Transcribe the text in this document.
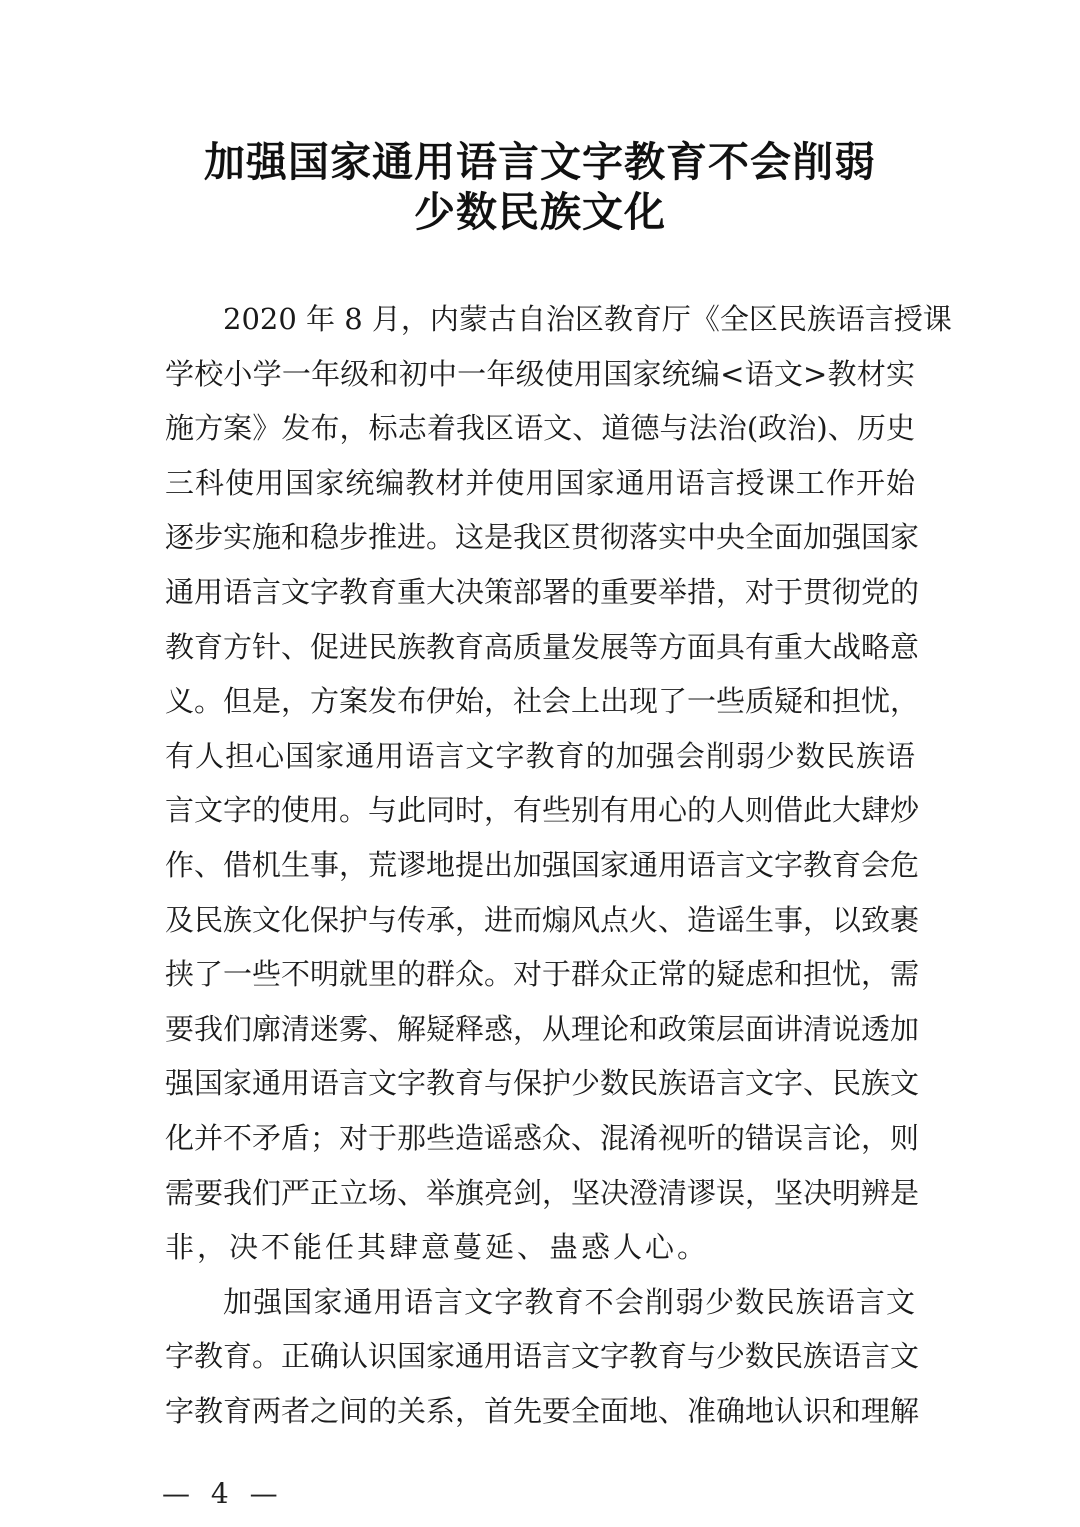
加强国家通用语言文字教育不会削弱
少数民族文化
2020 年 8 月，内蒙古自治区教育厅《全区民族语言授课
学校小学一年级和初中一年级使用国家统编<语文>教材实
施方案》发布，标志着我区语文、道德与法治(政治)、历史
三科使用国家统编教材并使用国家通用语言授课工作开始
逐步实施和稳步推进。这是我区贯彻落实中央全面加强国家
通用语言文字教育重大决策部署的重要举措，对于贯彻党的
教育方针、促进民族教育高质量发展等方面具有重大战略意
义。但是，方案发布伊始，社会上出现了一些质疑和担忧，
有人担心国家通用语言文字教育的加强会削弱少数民族语
言文字的使用。与此同时，有些别有用心的人则借此大肆炒
作、借机生事，荒谬地提出加强国家通用语言文字教育会危
及民族文化保护与传承，进而煽风点火、造谣生事，以致裹
挟了一些不明就里的群众。对于群众正常的疑虑和担忧，需
要我们廓清迷雾、解疑释惑，从理论和政策层面讲清说透加
强国家通用语言文字教育与保护少数民族语言文字、民族文
化并不矛盾；对于那些造谣惑众、混淆视听的错误言论，则
需要我们严正立场、举旗亮剑，坚决澄清谬误，坚决明辨是
非，决不能任其肆意蔓延、蛊惑人心。
加强国家通用语言文字教育不会削弱少数民族语言文
字教育。正确认识国家通用语言文字教育与少数民族语言文
字教育两者之间的关系，首先要全面地、准确地认识和理解
— 4 —
